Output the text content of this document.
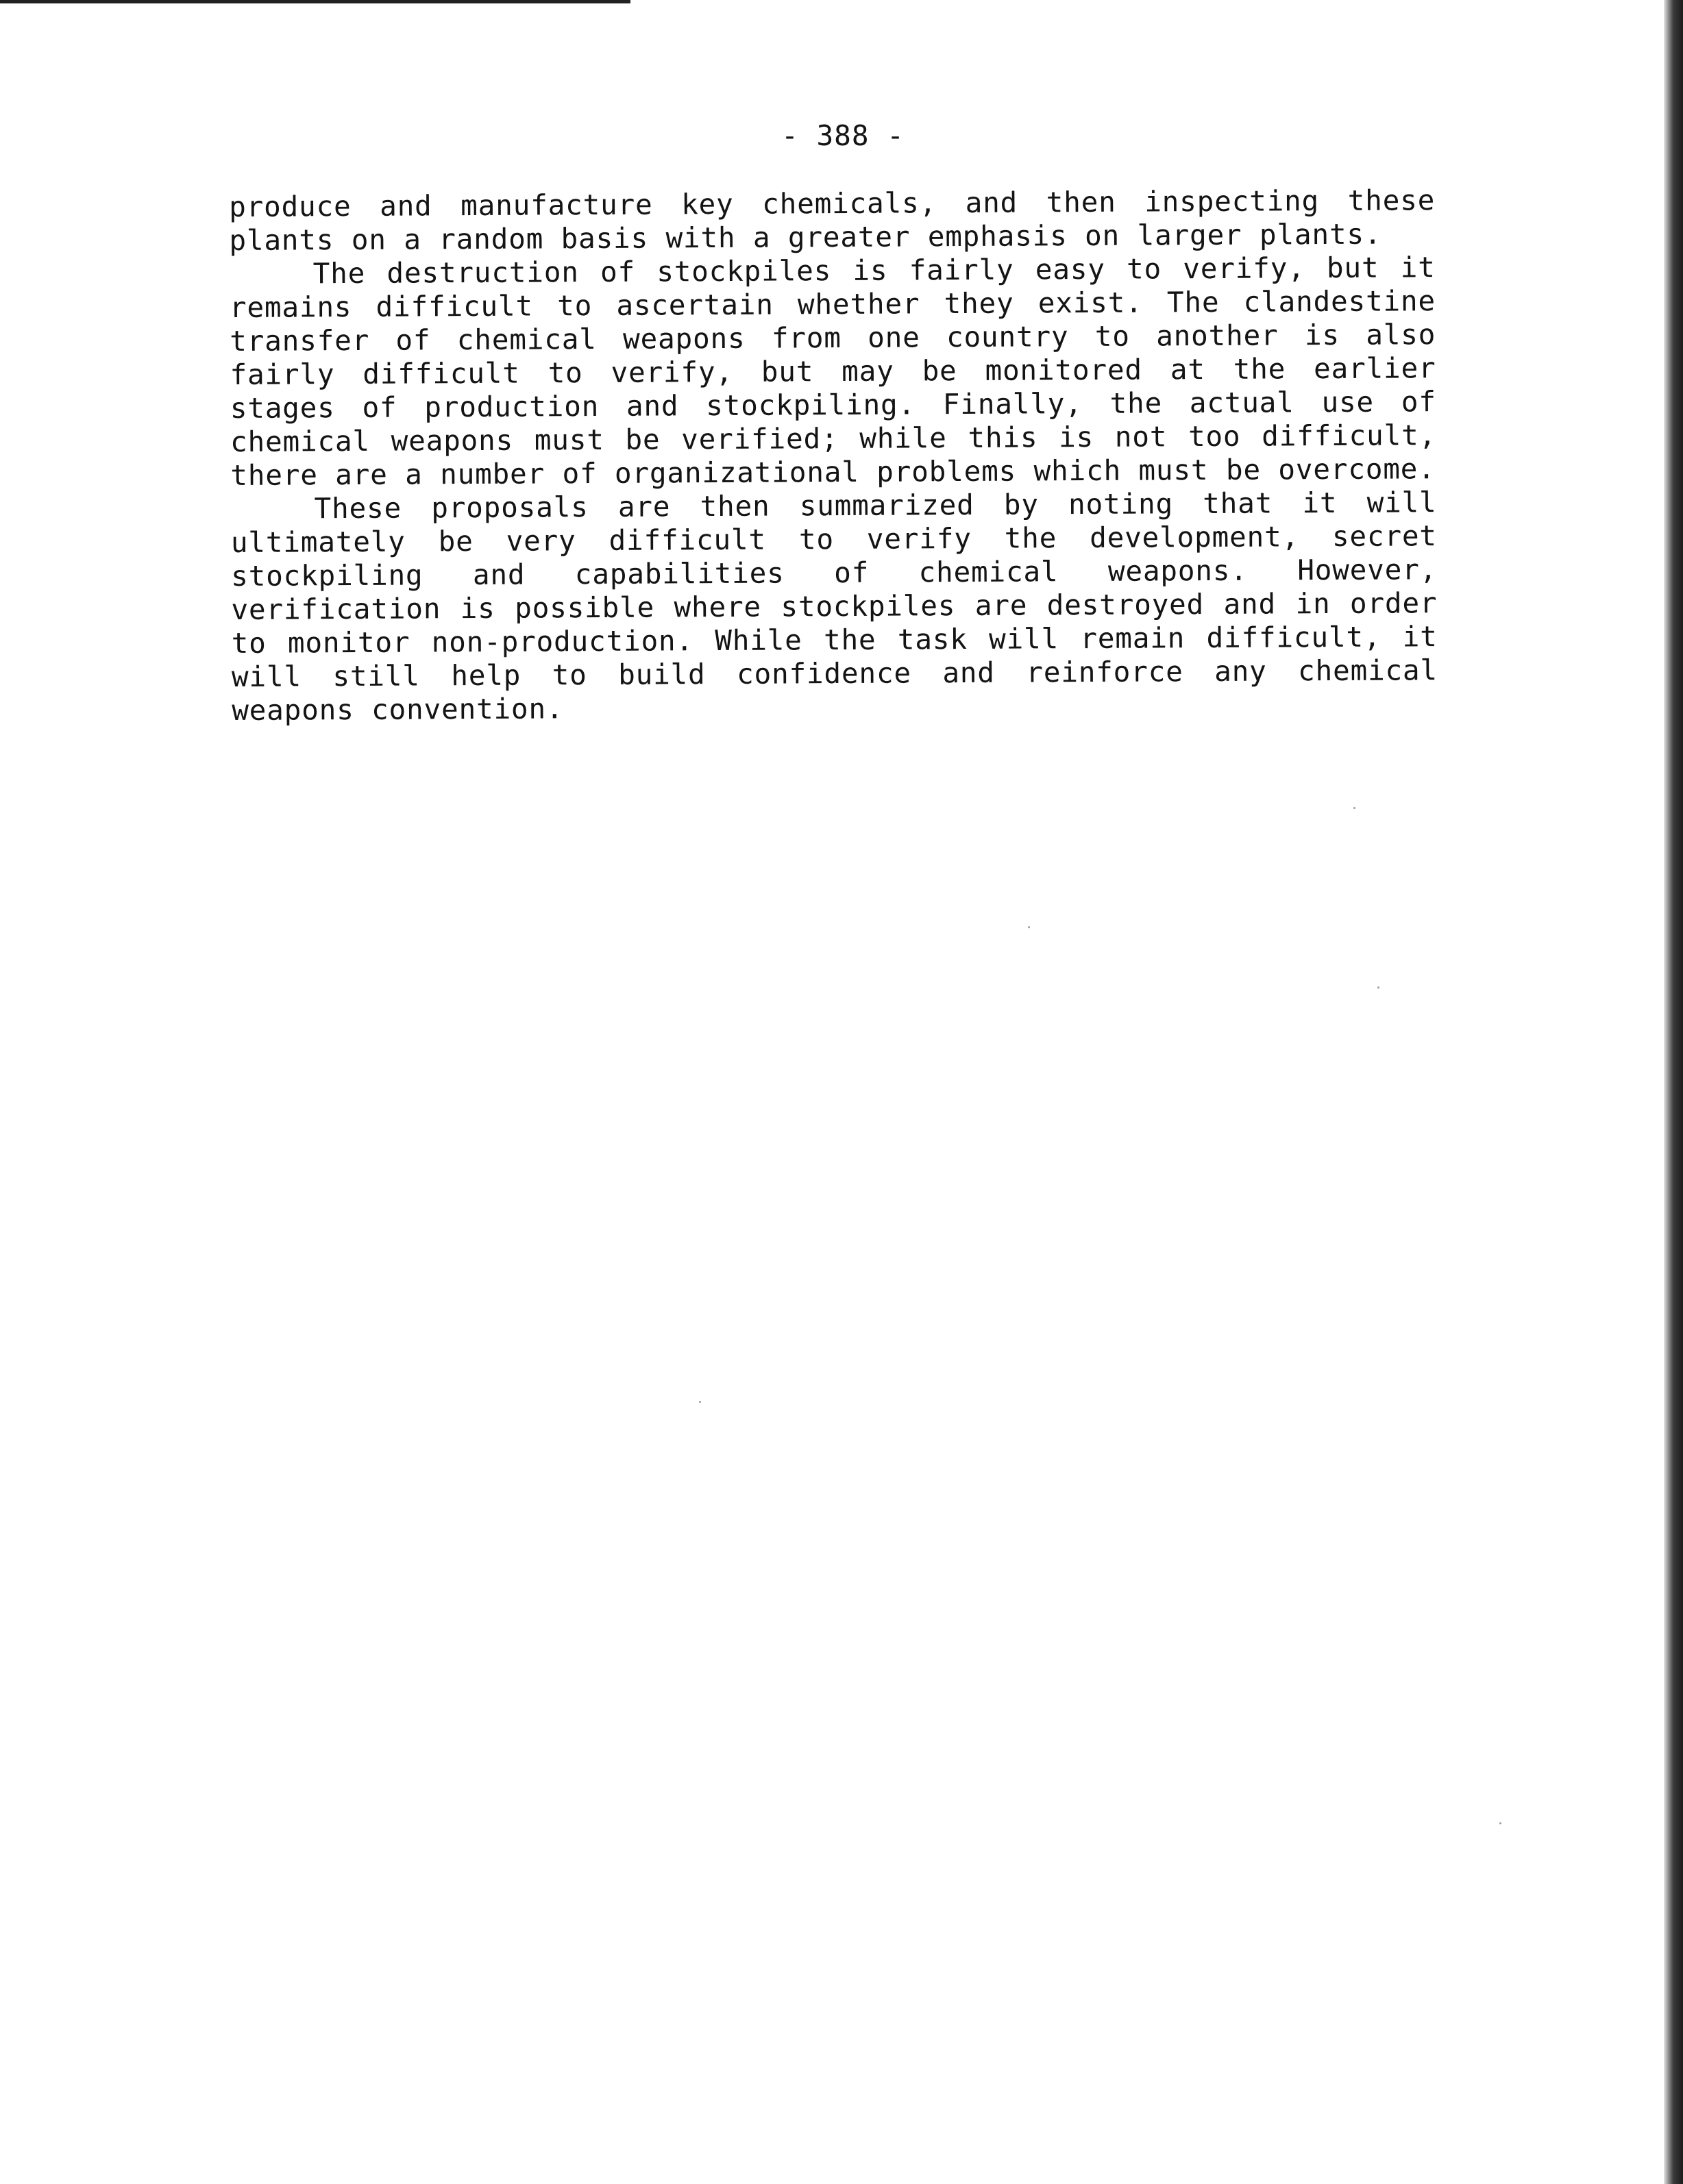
- 388 -

produce and manufacture key chemicals, and then inspecting these plants on a random basis with a greater emphasis on larger plants.

The destruction of stockpiles is fairly easy to verify, but it remains difficult to ascertain whether they exist. The clandestine transfer of chemical weapons from one country to another is also fairly difficult to verify, but may be monitored at the earlier stages of production and stockpiling. Finally, the actual use of chemical weapons must be verified; while this is not too difficult, there are a number of organizational problems which must be overcome.

These proposals are then summarized by noting that it will ultimately be very difficult to verify the development, secret stockpiling and capabilities of chemical weapons. However, verification is possible where stockpiles are destroyed and in order to monitor non-production. While the task will remain difficult, it will still help to build confidence and reinforce any chemical weapons convention.
